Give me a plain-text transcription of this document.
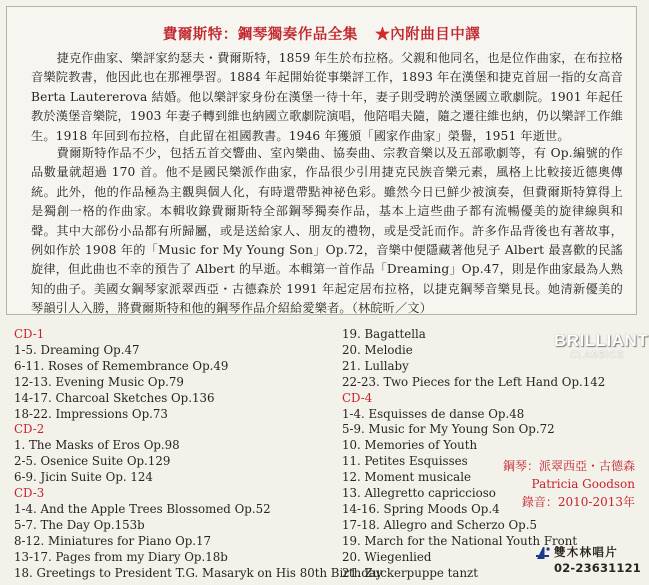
費爾斯特：鋼琴獨奏作品全集 ★內附曲目中譯
捷克作曲家、樂評家約瑟夫・費爾斯特，1859 年生於布拉格。父親和他同名，也是位作曲家，在布拉格音樂院教書，他因此也在那裡學習。1884 年起開始從事樂評工作，1893 年在漢堡和捷克首屈一指的女高音 Berta Lautererova 結婚。他以樂評家身份在漢堡一待十年，妻子則受聘於漢堡國立歌劇院。1901 年起任教於漢堡音樂院，1903 年妻子轉到維也納國立歌劇院演唱，他陪唱夫隨，隨之遷往維也納，仍以樂評工作維生。1918 年回到布拉格，自此留在祖國教書。1946 年獲頒「國家作曲家」榮譽，1951 年逝世。
費爾斯特作品不少，包括五首交響曲、室內樂曲、協奏曲、宗教音樂以及五部歌劇等，有 Op.編號的作品數量就超過 170 首。他不是國民樂派作曲家，作品很少引用捷克民族音樂元素，風格上比較接近德奧傳統。此外，他的作品極為主觀與個人化，有時還帶點神祕色彩。雖然今日已鮮少被演奏，但費爾斯特算得上是獨創一格的作曲家。本輯收錄費爾斯特全部鋼琴獨奏作品，基本上這些曲子都有流暢優美的旋律線與和聲。其中大部份小品都有所歸屬，或是送給家人、朋友的禮物，或是受託而作。許多作品背後也有著故事，例如作於 1908 年的「Music for My Young Son」Op.72，音樂中便隱藏著他兒子 Albert 最喜歡的民謠旋律，但此曲也不幸的預告了 Albert 的早逝。本輯第一首作品「Dreaming」Op.47，則是作曲家最為人熟知的曲子。美國女鋼琴家派翠西亞・古德森於 1991 年起定居布拉格，以捷克鋼琴音樂見長。她清新優美的琴韻引人入勝，將費爾斯特和他的鋼琴作品介紹給愛樂者。（林皖昕／文）
CD-1
1-5. Dreaming Op.47
6-11. Roses of Remembrance Op.49
12-13. Evening Music Op.79
14-17. Charcoal Sketches Op.136
18-22. Impressions Op.73
CD-2
1. The Masks of Eros Op.98
2-5. Osenice Suite Op.129
6-9. Jicin Suite Op. 124
CD-3
1-4. And the Apple Trees Blossomed Op.52
5-7. The Day Op.153b
8-12. Miniatures for Piano Op.17
13-17. Pages from my Diary Op.18b
18. Greetings to President T.G. Masaryk on His 80th Birthday
19. Bagattella
20. Melodie
21. Lullaby
22-23. Two Pieces for the Left Hand Op.142
CD-4
1-4. Esquisses de danse Op.48
5-9. Music for My Young Son Op.72
10. Memories of Youth
11. Petites Esquisses
12. Moment musicale
13. Allegretto capriccioso
14-16. Spring Moods Op.4
17-18. Allegro and Scherzo Op.5
19. March for the National Youth Front
20. Wiegenlied
21. Zuckerpuppe tanzt
BRILLIANT
CLASSICS
鋼琴：派翠西亞・古德森
Patricia Goodson
錄音：2010-2013年
雙木林唱片
02-23631121
